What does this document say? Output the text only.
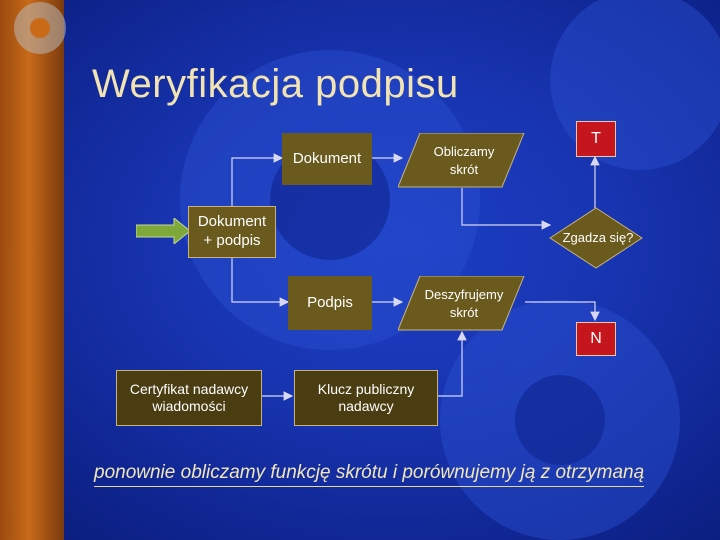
Weryfikacja podpisu
Dokument	Obliczamy
skrót
T
Dokument
+ podpis	Zgadza się?
Podpis	Deszyfrujemy
skrót
N
Certyfikat nadawcy
wiadomości
Klucz publiczny
nadawcy
ponownie obliczamy funkcję skrótu i porównujemy ją z otrzymaną
